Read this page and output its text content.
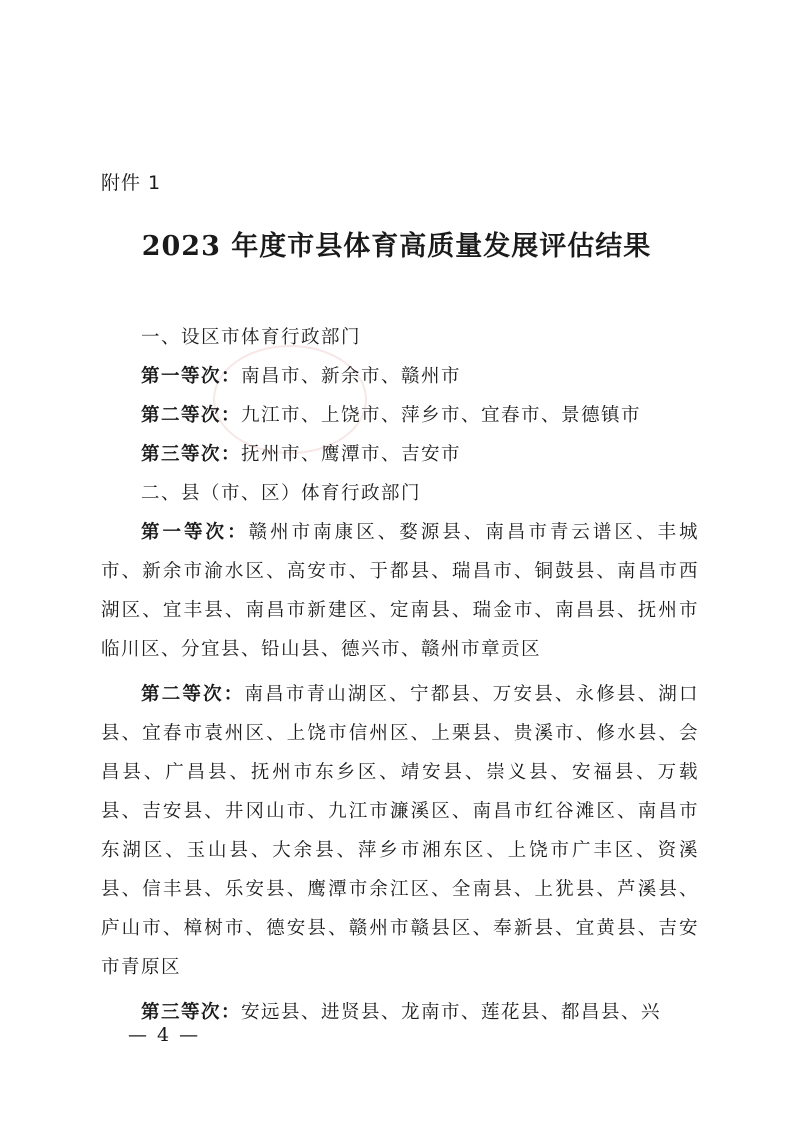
附件 1
2023 年度市县体育高质量发展评估结果

一、设区市体育行政部门

第一等次：南昌市、新余市、赣州市

第二等次：九江市、上饶市、萍乡市、宜春市、景德镇市

第三等次：抚州市、鹰潭市、吉安市

二、县（市、区）体育行政部门

第一等次：赣州市南康区、婺源县、南昌市青云谱区、丰城市、新余市渝水区、高安市、于都县、瑞昌市、铜鼓县、南昌市西湖区、宜丰县、南昌市新建区、定南县、瑞金市、南昌县、抚州市临川区、分宜县、铅山县、德兴市、赣州市章贡区

第二等次：南昌市青山湖区、宁都县、万安县、永修县、湖口县、宜春市袁州区、上饶市信州区、上栗县、贵溪市、修水县、会昌县、广昌县、抚州市东乡区、靖安县、崇义县、安福县、万载县、吉安县、井冈山市、九江市濂溪区、南昌市红谷滩区、南昌市东湖区、玉山县、大余县、萍乡市湘东区、上饶市广丰区、资溪县、信丰县、乐安县、鹰潭市余江区、全南县、上犹县、芦溪县、庐山市、樟树市、德安县、赣州市赣县区、奉新县、宜黄县、吉安市青原区

第三等次：安远县、进贤县、龙南市、莲花县、都昌县、兴

— 4 —
